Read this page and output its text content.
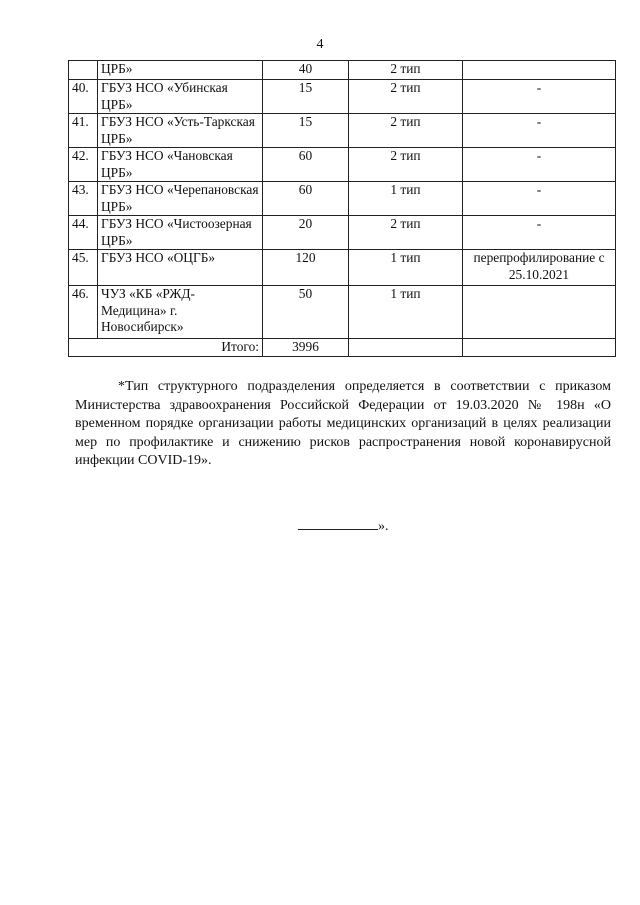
4
	ЦРБ»	40	2 тип	
40.	ГБУЗ НСО «Убинская ЦРБ»	15	2 тип	-
41.	ГБУЗ НСО «Усть-Таркская ЦРБ»	15	2 тип	-
42.	ГБУЗ НСО «Чановская ЦРБ»	60	2 тип	-
43.	ГБУЗ НСО «Черепановская ЦРБ»	60	1 тип	-
44.	ГБУЗ НСО «Чистоозерная ЦРБ»	20	2 тип	-
45.	ГБУЗ НСО «ОЦГБ»	120	1 тип	перепрофилирование с 25.10.2021
46.	ЧУЗ «КБ «РЖД-Медицина» г. Новосибирск»	50	1 тип	
Итого:		3996		

*Тип структурного подразделения определяется в соответствии с приказом Министерства здравоохранения Российской Федерации от 19.03.2020 № 198н «О временном порядке организации работы медицинских организаций в целях реализации мер по профилактике и снижению рисков распространения новой коронавирусной инфекции COVID-19».

».
